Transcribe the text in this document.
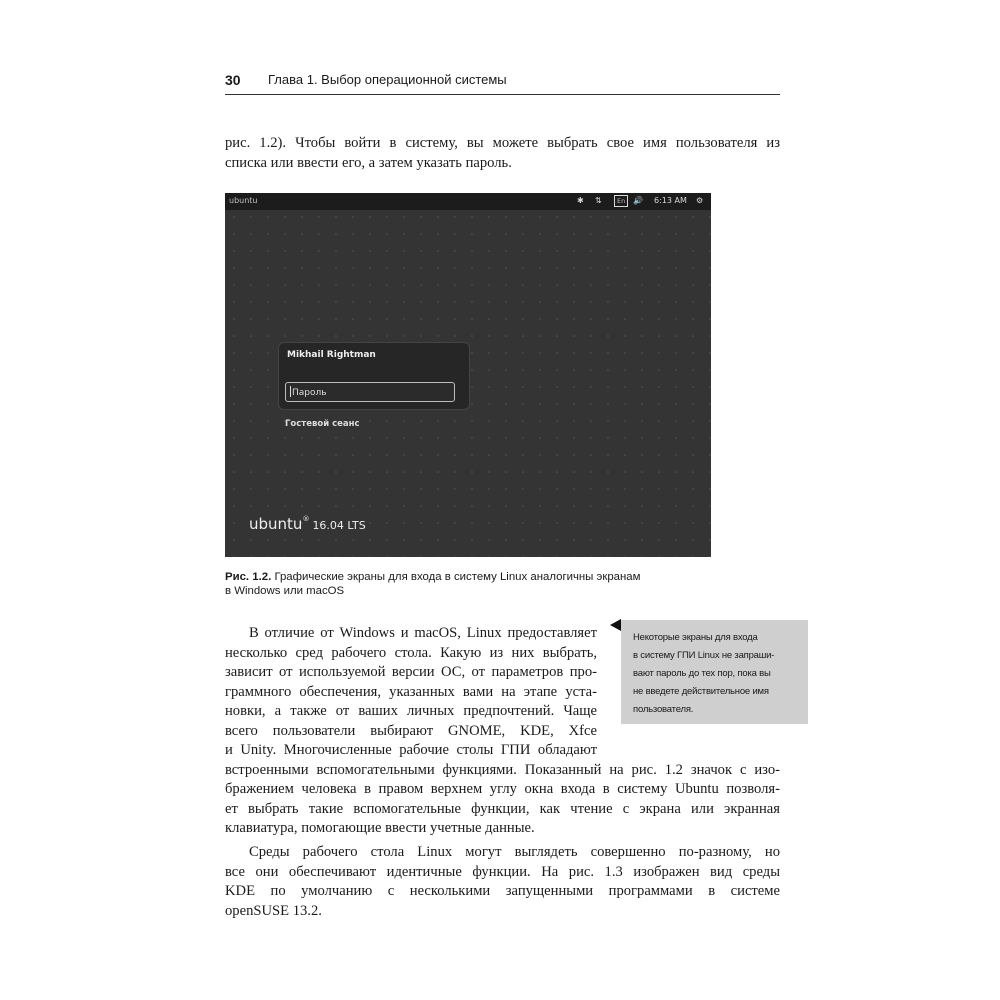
30 Глава 1. Выбор операционной системы
рис. 1.2). Чтобы войти в систему, вы можете выбрать свое имя пользователя из
списка или ввести его, а затем указать пароль.
ubuntu	✱ ⇅	En 🔊 6:13 AM ⚙
Mikhail Rightman
Пароль
Гостевой сеанс
ubuntu® 16.04 LTS
Рис. 1.2. Графические экраны для входа в систему Linux аналогичны экранам
в Windows или macOS
Некоторые экраны для входа
в систему ГПИ Linux не запраши-
вают пароль до тех пор, пока вы
не введете действительное имя
пользователя.
В отличие от Windows и macOS, Linux предоставляет
несколько сред рабочего стола. Какую из них выбрать,
зависит от используемой версии ОС, от параметров про-
граммного обеспечения, указанных вами на этапе уста-
новки, а также от ваших личных предпочтений. Чаще
всего пользователи выбирают GNOME, KDE, Xfce
и Unity. Многочисленные рабочие столы ГПИ обладают
встроенными вспомогательными функциями. Показанный на рис. 1.2 значок с изо-
бражением человека в правом верхнем углу окна входа в систему Ubuntu позволя-
ет выбрать такие вспомогательные функции, как чтение с экрана или экранная
клавиатура, помогающие ввести учетные данные.
Среды рабочего стола Linux могут выглядеть совершенно по-разному, но
все они обеспечивают идентичные функции. На рис. 1.3 изображен вид среды
KDE по умолчанию с несколькими запущенными программами в системе
openSUSE 13.2.
